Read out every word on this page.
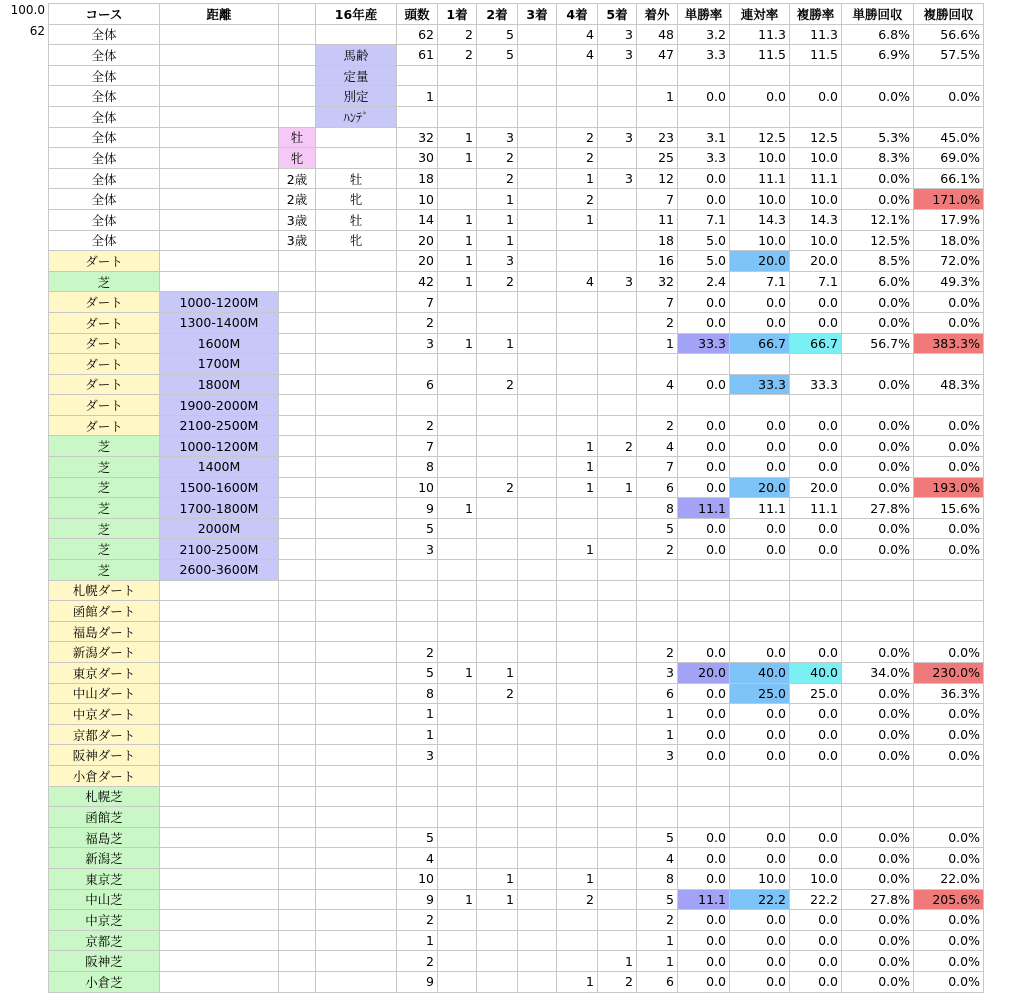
100.0
62
コース	距離		16年産	頭数	1着	2着	3着	4着	5着	着外	単勝率	連対率	複勝率	単勝回収	複勝回収
全体				62	2	5		4	3	48	3.2	11.3	11.3	6.8%	56.6%
全体			馬齢	61	2	5		4	3	47	3.3	11.5	11.5	6.9%	57.5%
全体			定量												
全体			別定	1						1	0.0	0.0	0.0	0.0%	0.0%
全体			ﾊﾝﾃﾞ												
全体		牡		32	1	3		2	3	23	3.1	12.5	12.5	5.3%	45.0%
全体		牝		30	1	2		2		25	3.3	10.0	10.0	8.3%	69.0%
全体		2歳	牡	18		2		1	3	12	0.0	11.1	11.1	0.0%	66.1%
全体		2歳	牝	10		1		2		7	0.0	10.0	10.0	0.0%	171.0%
全体		3歳	牡	14	1	1		1		11	7.1	14.3	14.3	12.1%	17.9%
全体		3歳	牝	20	1	1				18	5.0	10.0	10.0	12.5%	18.0%
ダート				20	1	3				16	5.0	20.0	20.0	8.5%	72.0%
芝				42	1	2		4	3	32	2.4	7.1	7.1	6.0%	49.3%
ダート	1000-1200M			7						7	0.0	0.0	0.0	0.0%	0.0%
ダート	1300-1400M			2						2	0.0	0.0	0.0	0.0%	0.0%
ダート	1600M			3	1	1				1	33.3	66.7	66.7	56.7%	383.3%
ダート	1700M														
ダート	1800M			6		2				4	0.0	33.3	33.3	0.0%	48.3%
ダート	1900-2000M														
ダート	2100-2500M			2						2	0.0	0.0	0.0	0.0%	0.0%
芝	1000-1200M			7				1	2	4	0.0	0.0	0.0	0.0%	0.0%
芝	1400M			8				1		7	0.0	0.0	0.0	0.0%	0.0%
芝	1500-1600M			10		2		1	1	6	0.0	20.0	20.0	0.0%	193.0%
芝	1700-1800M			9	1					8	11.1	11.1	11.1	27.8%	15.6%
芝	2000M			5						5	0.0	0.0	0.0	0.0%	0.0%
芝	2100-2500M			3				1		2	0.0	0.0	0.0	0.0%	0.0%
芝	2600-3600M														
札幌ダート															
函館ダート															
福島ダート															
新潟ダート				2						2	0.0	0.0	0.0	0.0%	0.0%
東京ダート				5	1	1				3	20.0	40.0	40.0	34.0%	230.0%
中山ダート				8		2				6	0.0	25.0	25.0	0.0%	36.3%
中京ダート				1						1	0.0	0.0	0.0	0.0%	0.0%
京都ダート				1						1	0.0	0.0	0.0	0.0%	0.0%
阪神ダート				3						3	0.0	0.0	0.0	0.0%	0.0%
小倉ダート															
札幌芝															
函館芝															
福島芝				5						5	0.0	0.0	0.0	0.0%	0.0%
新潟芝				4						4	0.0	0.0	0.0	0.0%	0.0%
東京芝				10		1		1		8	0.0	10.0	10.0	0.0%	22.0%
中山芝				9	1	1		2		5	11.1	22.2	22.2	27.8%	205.6%
中京芝				2						2	0.0	0.0	0.0	0.0%	0.0%
京都芝				1						1	0.0	0.0	0.0	0.0%	0.0%
阪神芝				2					1	1	0.0	0.0	0.0	0.0%	0.0%
小倉芝				9				1	2	6	0.0	0.0	0.0	0.0%	0.0%
